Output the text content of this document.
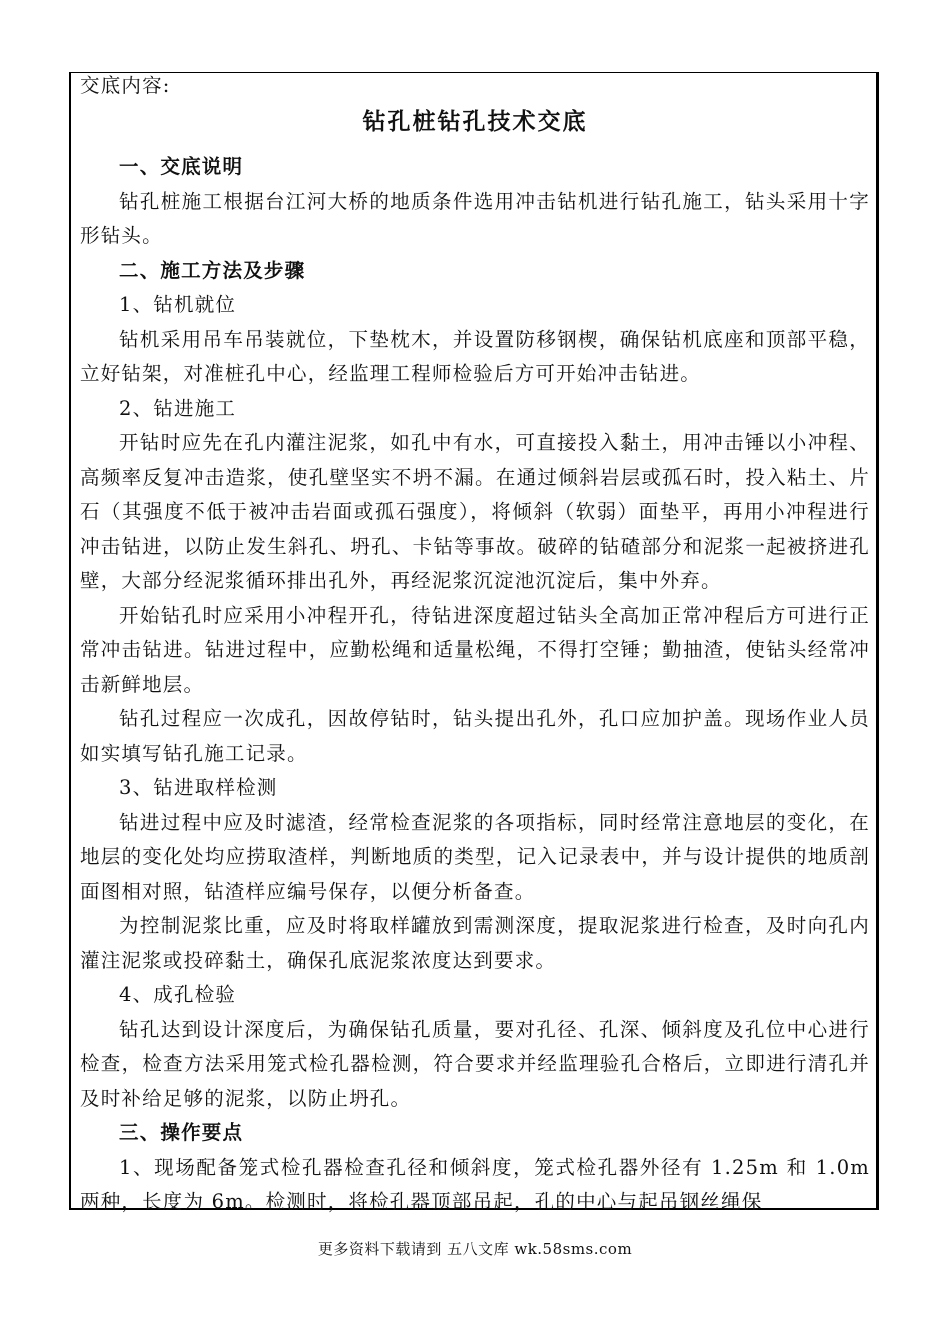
交底内容:
钻孔桩钻孔技术交底
一、交底说明
钻孔桩施工根据台江河大桥的地质条件选用冲击钻机进行钻孔施工，钻头采用十字形钻头。
二、施工方法及步骤
1、钻机就位
钻机采用吊车吊装就位，下垫枕木，并设置防移钢楔，确保钻机底座和顶部平稳，立好钻架，对准桩孔中心，经监理工程师检验后方可开始冲击钻进。
2、钻进施工
开钻时应先在孔内灌注泥浆，如孔中有水，可直接投入黏土，用冲击锤以小冲程、高频率反复冲击造浆，使孔壁坚实不坍不漏。在通过倾斜岩层或孤石时，投入粘土、片石（其强度不低于被冲击岩面或孤石强度），将倾斜（软弱）面垫平，再用小冲程进行冲击钻进，以防止发生斜孔、坍孔、卡钻等事故。破碎的钻碴部分和泥浆一起被挤进孔壁，大部分经泥浆循环排出孔外，再经泥浆沉淀池沉淀后，集中外弃。
开始钻孔时应采用小冲程开孔，待钻进深度超过钻头全高加正常冲程后方可进行正常冲击钻进。钻进过程中，应勤松绳和适量松绳，不得打空锤；勤抽渣，使钻头经常冲击新鲜地层。
钻孔过程应一次成孔，因故停钻时，钻头提出孔外，孔口应加护盖。现场作业人员如实填写钻孔施工记录。
3、钻进取样检测
钻进过程中应及时滤渣，经常检查泥浆的各项指标，同时经常注意地层的变化，在地层的变化处均应捞取渣样，判断地质的类型，记入记录表中，并与设计提供的地质剖面图相对照，钻渣样应编号保存，以便分析备查。
为控制泥浆比重，应及时将取样罐放到需测深度，提取泥浆进行检查，及时向孔内灌注泥浆或投碎黏土，确保孔底泥浆浓度达到要求。
4、成孔检验
钻孔达到设计深度后，为确保钻孔质量，要对孔径、孔深、倾斜度及孔位中心进行检查，检查方法采用笼式检孔器检测，符合要求并经监理验孔合格后，立即进行清孔并及时补给足够的泥浆，以防止坍孔。
三、操作要点
1、现场配备笼式检孔器检查孔径和倾斜度，笼式检孔器外径有 1.25m 和 1.0m 两种，长度为 6m。检测时，将检孔器顶部吊起，孔的中心与起吊钢丝绳保
更多资料下载请到 五八文库 wk.58sms.com
